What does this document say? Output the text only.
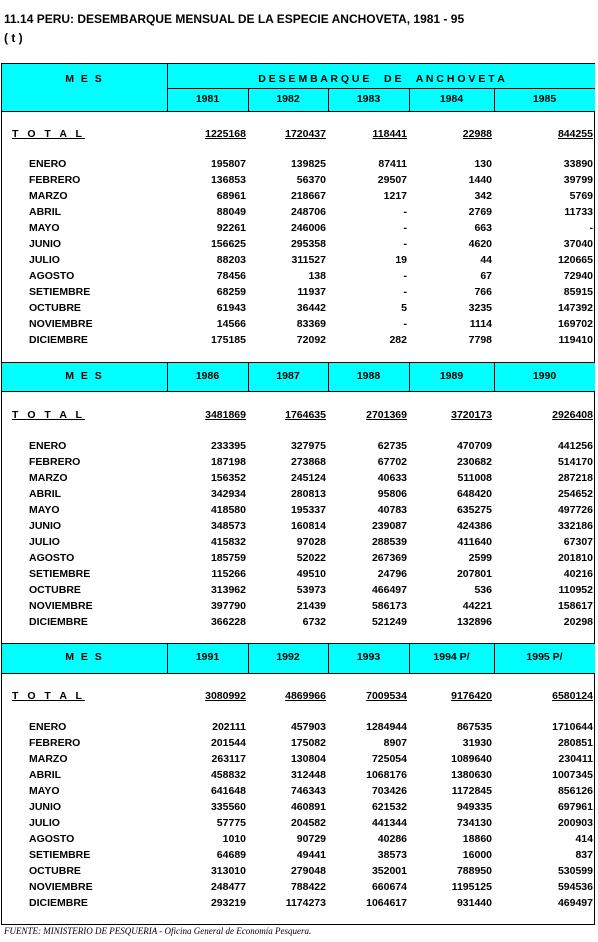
11.14 PERU: DESEMBARQUE MENSUAL DE LA ESPECIE ANCHOVETA, 1981 - 95
( t )
M E S	D E S E M B A R Q U E     D E     A N C H O V E T A
1981	1982	1983	1984	1985
T O T A L	1225168	1720437	118441	22988	844255
ENERO	195807	139825	87411	130	33890
FEBRERO	136853	56370	29507	1440	39799
MARZO	68961	218667	1217	342	5769
ABRIL	88049	248706	-	2769	11733
MAYO	92261	246006	-	663	-
JUNIO	156625	295358	-	4620	37040
JULIO	88203	311527	19	44	120665
AGOSTO	78456	138	-	67	72940
SETIEMBRE	68259	11937	-	766	85915
OCTUBRE	61943	36442	5	3235	147392
NOVIEMBRE	14566	83369	-	1114	169702
DICIEMBRE	175185	72092	282	7798	119410
M E S	1986	1987	1988	1989	1990
T O T A L	3481869	1764635	2701369	3720173	2926408
ENERO	233395	327975	62735	470709	441256
FEBRERO	187198	273868	67702	230682	514170
MARZO	156352	245124	40633	511008	287218
ABRIL	342934	280813	95806	648420	254652
MAYO	418580	195337	40783	635275	497726
JUNIO	348573	160814	239087	424386	332186
JULIO	415832	97028	288539	411640	67307
AGOSTO	185759	52022	267369	2599	201810
SETIEMBRE	115266	49510	24796	207801	40216
OCTUBRE	313962	53973	466497	536	110952
NOVIEMBRE	397790	21439	586173	44221	158617
DICIEMBRE	366228	6732	521249	132896	20298
M E S	1991	1992	1993	1994 P/	1995 P/
T O T A L	3080992	4869966	7009534	9176420	6580124
ENERO	202111	457903	1284944	867535	1710644
FEBRERO	201544	175082	8907	31930	280851
MARZO	263117	130804	725054	1089640	230411
ABRIL	458832	312448	1068176	1380630	1007345
MAYO	641648	746343	703426	1172845	856126
JUNIO	335560	460891	621532	949335	697961
JULIO	57775	204582	441344	734130	200903
AGOSTO	1010	90729	40286	18860	414
SETIEMBRE	64689	49441	38573	16000	837
OCTUBRE	313010	279048	352001	788950	530599
NOVIEMBRE	248477	788422	660674	1195125	594536
DICIEMBRE	293219	1174273	1064617	931440	469497
FUENTE: MINISTERIO DE PESQUERIA - Oficina General de Economía Pesquera.
